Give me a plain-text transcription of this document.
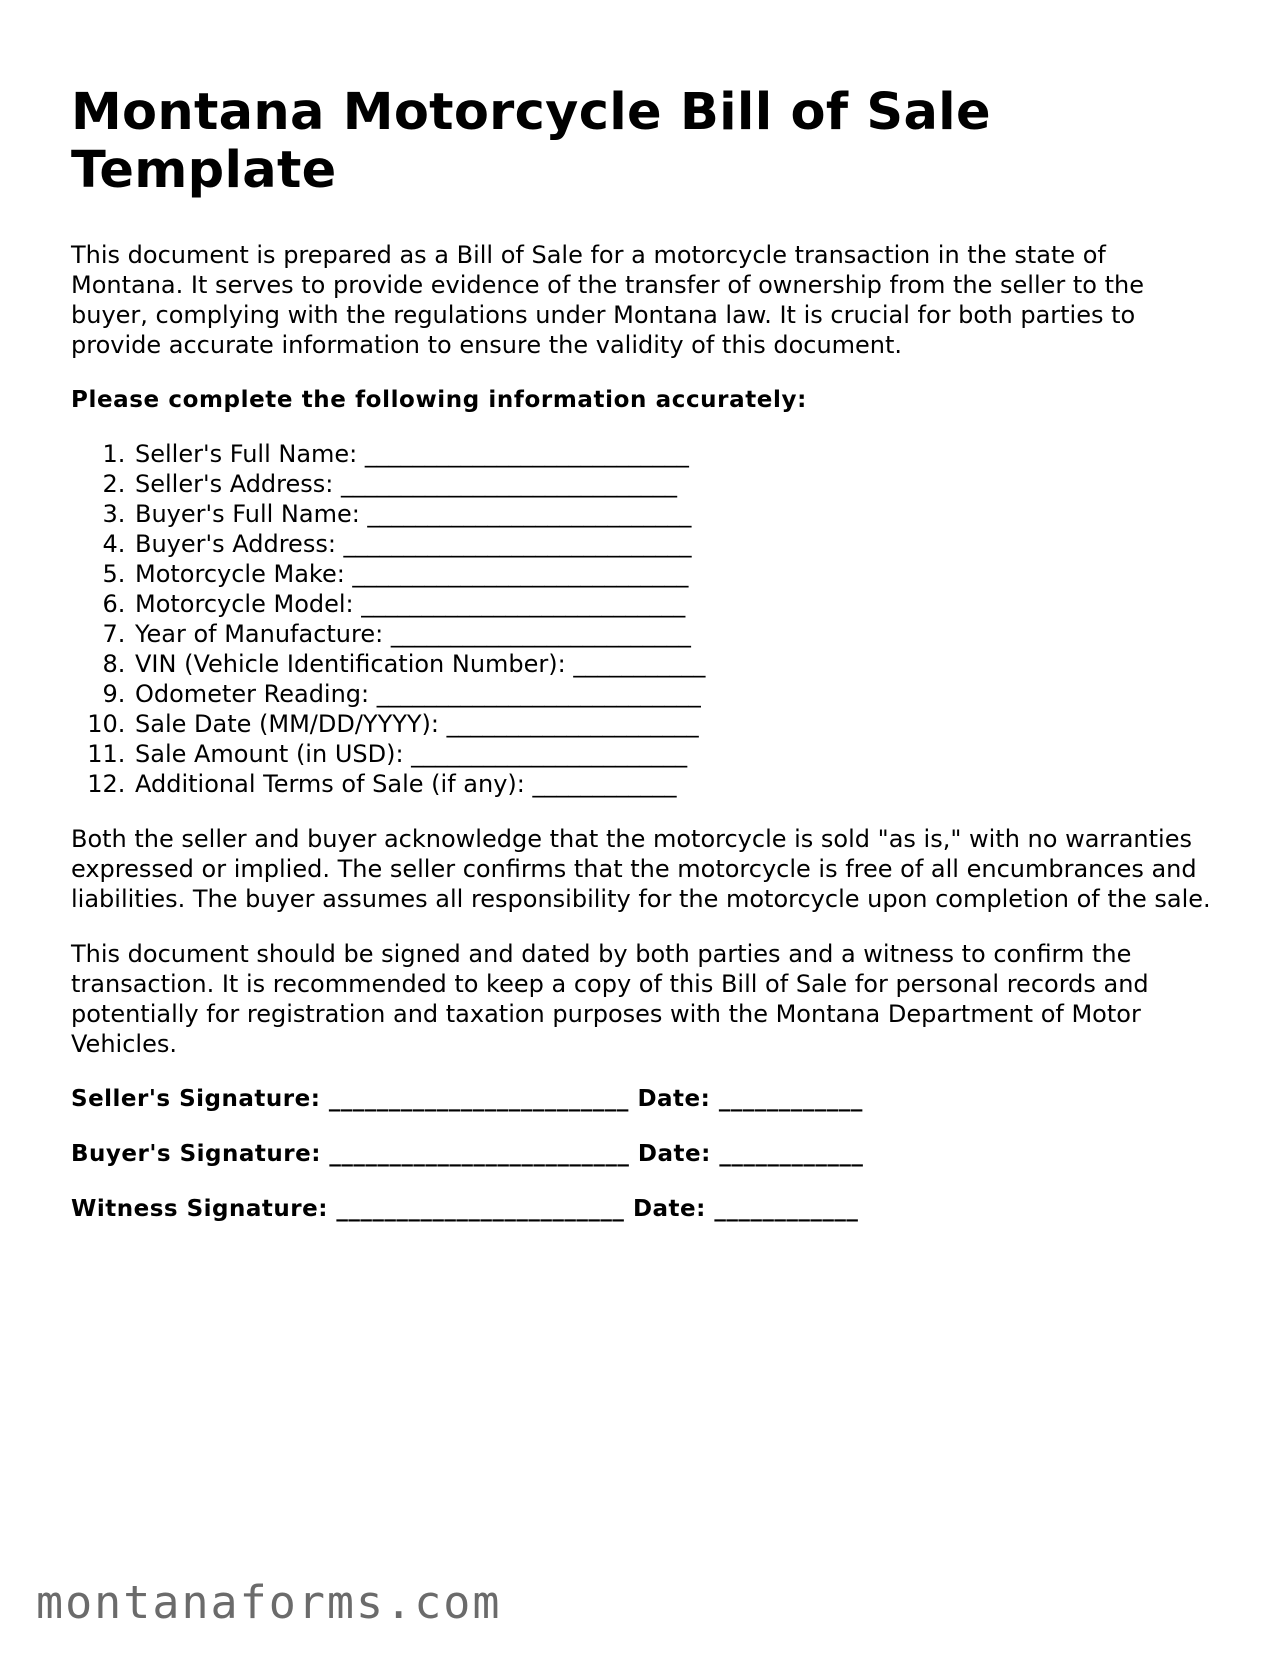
Montana Motorcycle Bill of Sale Template

This document is prepared as a Bill of Sale for a motorcycle transaction in the state of Montana. It serves to provide evidence of the transfer of ownership from the seller to the buyer, complying with the regulations under Montana law. It is crucial for both parties to provide accurate information to ensure the validity of this document.

Please complete the following information accurately:

1. Seller's Full Name: ___________________________
2. Seller's Address: ____________________________
3. Buyer's Full Name: ___________________________
4. Buyer's Address: _____________________________
5. Motorcycle Make: ____________________________
6. Motorcycle Model: ___________________________
7. Year of Manufacture: _________________________
8. VIN (Vehicle Identification Number): ___________
9. Odometer Reading: ___________________________
10. Sale Date (MM/DD/YYYY): _____________________
11. Sale Amount (in USD): _______________________
12. Additional Terms of Sale (if any): ____________

Both the seller and buyer acknowledge that the motorcycle is sold "as is," with no warranties expressed or implied. The seller confirms that the motorcycle is free of all encumbrances and liabilities. The buyer assumes all responsibility for the motorcycle upon completion of the sale.

This document should be signed and dated by both parties and a witness to confirm the transaction. It is recommended to keep a copy of this Bill of Sale for personal records and potentially for registration and taxation purposes with the Montana Department of Motor Vehicles.

Seller's Signature: _________________________ Date: ____________

Buyer's Signature: _________________________ Date: ____________

Witness Signature: ________________________ Date: ____________

montanaforms.com
